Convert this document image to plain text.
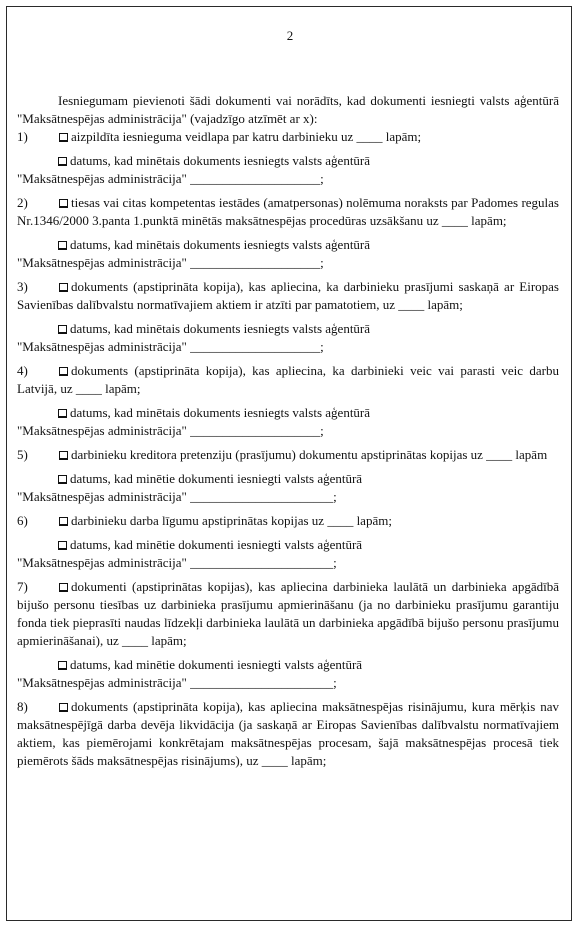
2

Iesniegumam pievienoti šādi dokumenti vai norādīts, kad dokumenti iesniegti valsts aģentūrā "Maksātnespējas administrācija" (vajadzīgo atzīmēt ar x):

1)	aizpildīta iesnieguma veidlapa par katru darbinieku uz ____ lapām;

datums, kad minētais dokuments iesniegts valsts aģentūrā
"Maksātnespējas administrācija" ____________________;

2)	tiesas vai citas kompetentas iestādes (amatpersonas) nolēmuma noraksts par Padomes regulas Nr.1346/2000 3.panta 1.punktā minētās maksātnespējas procedūras uzsākšanu uz ____ lapām;

datums, kad minētais dokuments iesniegts valsts aģentūrā
"Maksātnespējas administrācija" ____________________;

3)	dokuments (apstiprināta kopija), kas apliecina, ka darbinieku prasījumi saskaņā ar Eiropas Savienības dalībvalstu normatīvajiem aktiem ir atzīti par pamatotiem, uz ____ lapām;

datums, kad minētais dokuments iesniegts valsts aģentūrā
"Maksātnespējas administrācija" ____________________;

4)	dokuments (apstiprināta kopija), kas apliecina, ka darbinieki veic vai parasti veic darbu Latvijā, uz ____ lapām;

datums, kad minētais dokuments iesniegts valsts aģentūrā
"Maksātnespējas administrācija" ____________________;

5)	darbinieku kreditora pretenziju (prasījumu) dokumentu apstiprinātas kopijas uz ____ lapām

datums, kad minētie dokumenti iesniegti valsts aģentūrā
"Maksātnespējas administrācija" ______________________;

6)	darbinieku darba līgumu apstiprinātas kopijas uz ____ lapām;

datums, kad minētie dokumenti iesniegti valsts aģentūrā
"Maksātnespējas administrācija" ______________________;

7)	dokumenti (apstiprinātas kopijas), kas apliecina darbinieka laulātā un darbinieka apgādībā bijušo personu tiesības uz darbinieka prasījumu apmierināšanu (ja no darbinieku prasījumu garantiju fonda tiek pieprasīti naudas līdzekļi darbinieka laulātā un darbinieka apgādībā bijušo personu prasījumu apmierināšanai), uz ____ lapām;

datums, kad minētie dokumenti iesniegti valsts aģentūrā
"Maksātnespējas administrācija" ______________________;

8)	dokuments (apstiprināta kopija), kas apliecina maksātnespējas risinājumu, kura mērķis nav maksātnespējīgā darba devēja likvidācija (ja saskaņā ar Eiropas Savienības dalībvalstu normatīvajiem aktiem, kas piemērojami konkrētajam maksātnespējas procesam, šajā maksātnespējas procesā tiek piemērots šāds maksātnespējas risinājums), uz ____ lapām;
